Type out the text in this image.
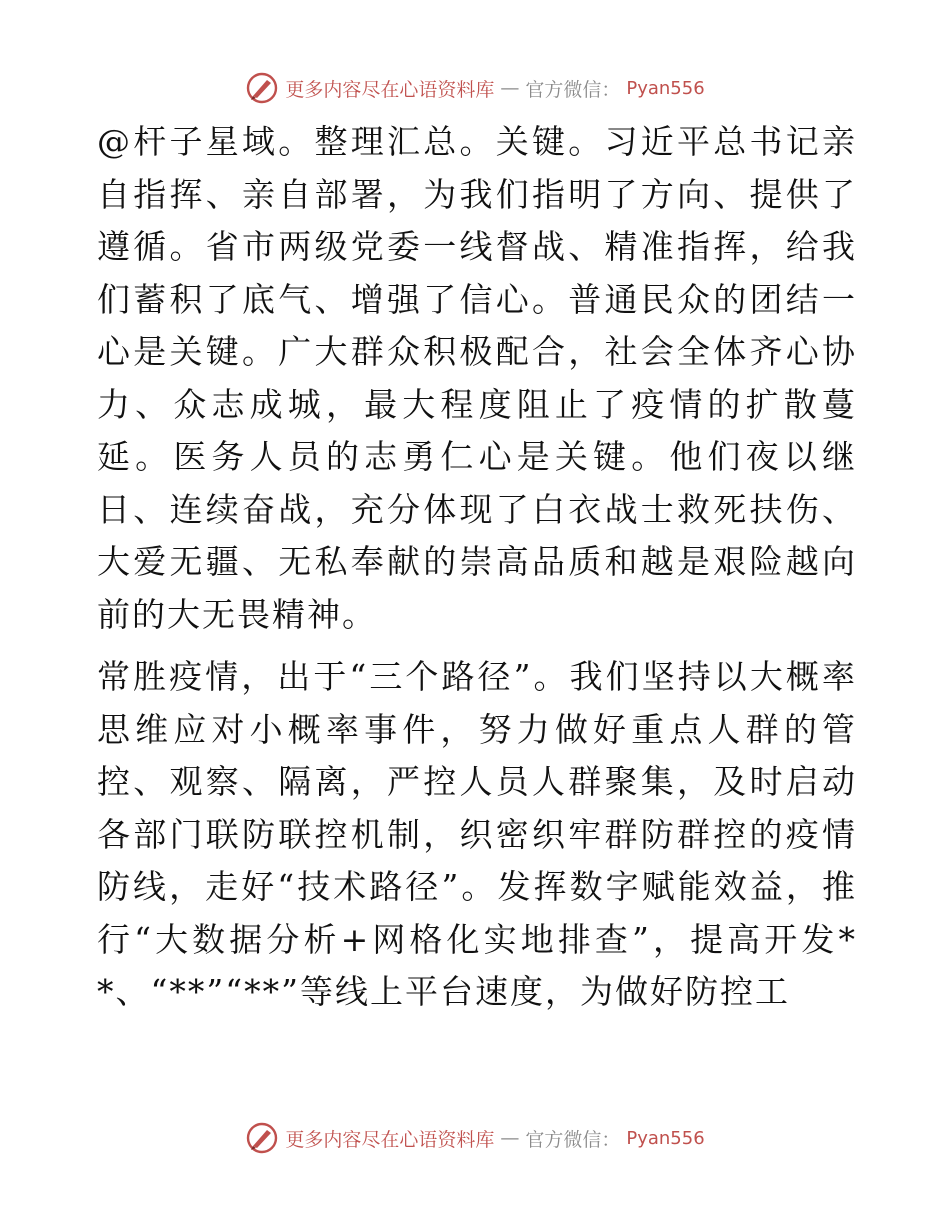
更多内容尽在心语资料库 — 官方微信： Pyan556

@杆子星域。整理汇总。关键。习近平总书记亲自指挥、亲自部署，为我们指明了方向、提供了遵循。省市两级党委一线督战、精准指挥，给我们蓄积了底气、增强了信心。普通民众的团结一心是关键。广大群众积极配合，社会全体齐心协力、众志成城，最大程度阻止了疫情的扩散蔓延。医务人员的志勇仁心是关键。他们夜以继日、连续奋战，充分体现了白衣战士救死扶伤、大爱无疆、无私奉献的崇高品质和越是艰险越向前的大无畏精神。

常胜疫情，出于“三个路径”。我们坚持以大概率思维应对小概率事件，努力做好重点人群的管控、观察、隔离，严控人员人群聚集，及时启动各部门联防联控机制，织密织牢群防群控的疫情防线，走好“技术路径”。发挥数字赋能效益，推行“大数据分析+网格化实地排查”，提高开发**、“**”“**”等线上平台速度，为做好防控工

更多内容尽在心语资料库 — 官方微信： Pyan556
